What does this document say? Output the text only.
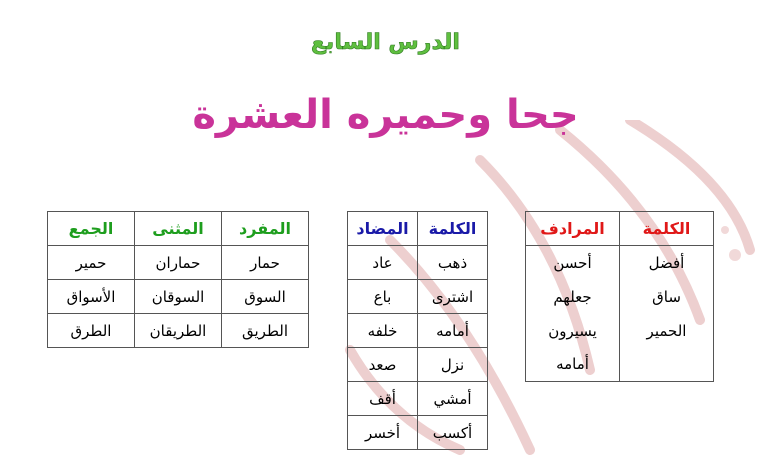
الدرس السابع
جحا وحميره العشرة
الكلمة	المرادف
أفضل	أحسن
ساق	جعلهم
الحمير	يسيرون
	أمامه
الكلمة	المضاد
ذهب	عاد
اشترى	باع
أمامه	خلفه
نزل	صعد
أمشي	أقف
أكسب	أخسر
المفرد	المثنى	الجمع
حمار	حماران	حمير
السوق	السوقان	الأسواق
الطريق	الطريقان	الطرق
